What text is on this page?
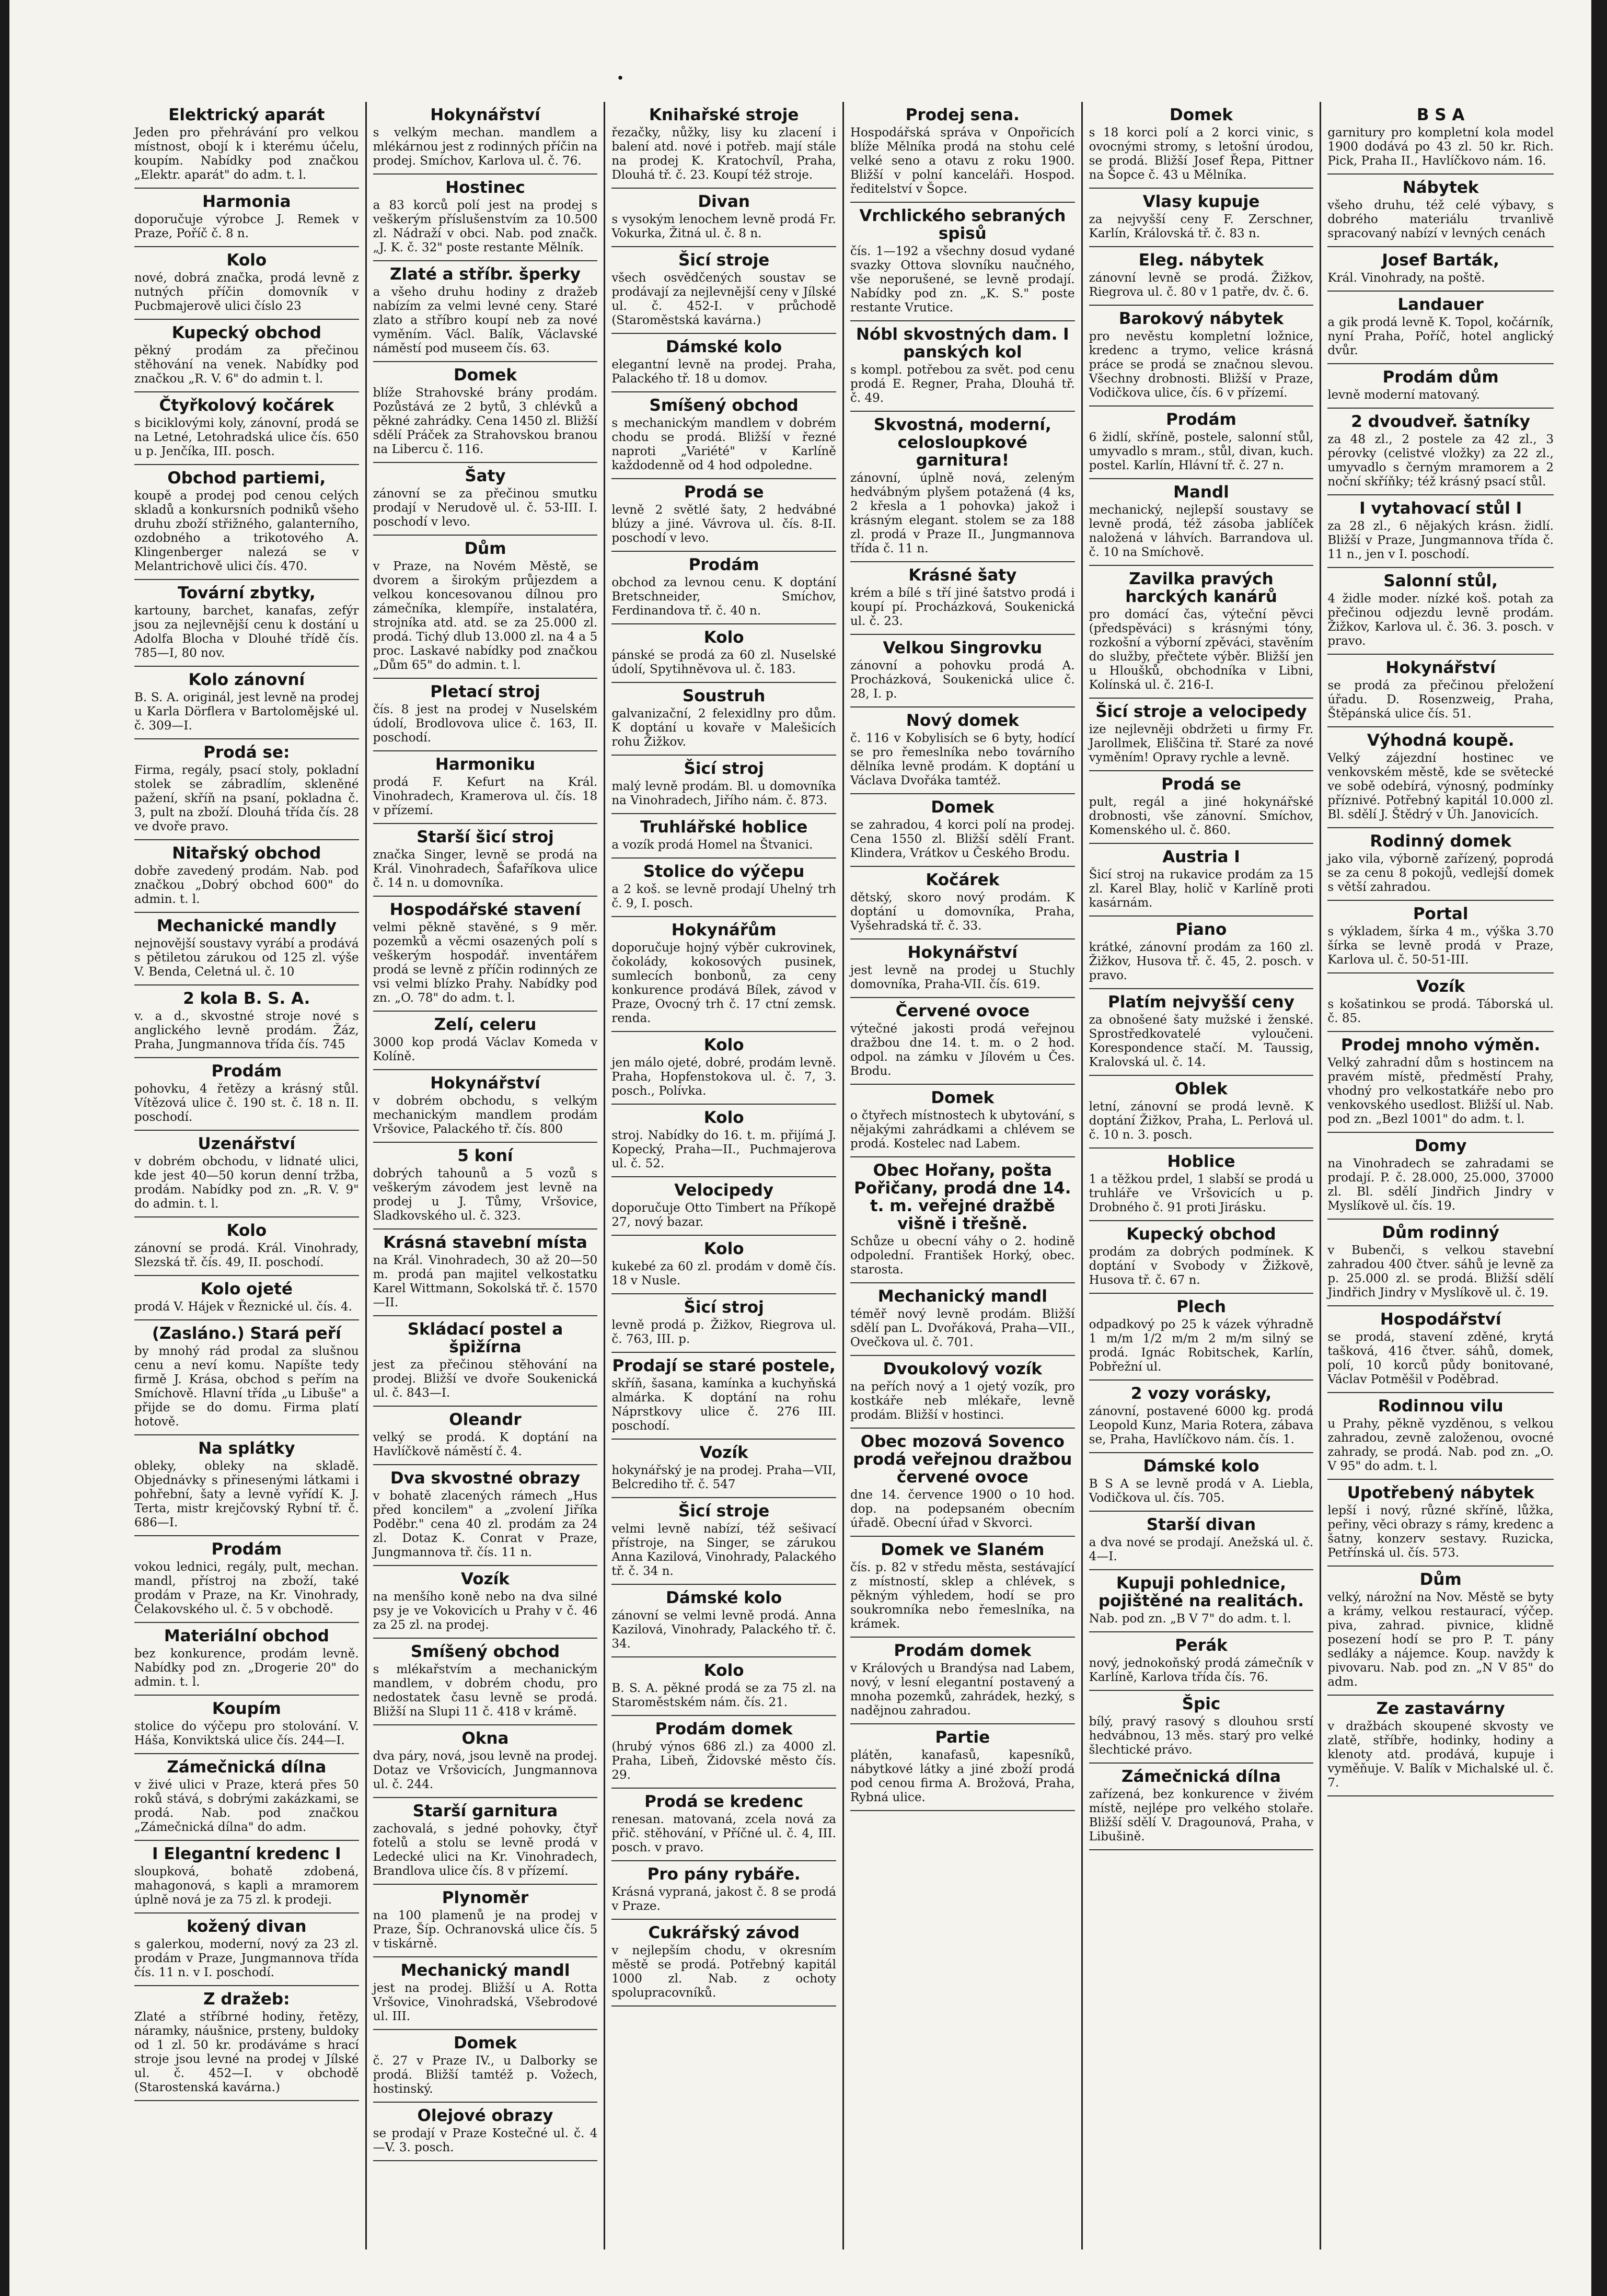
.
Elektrický aparát
Jeden pro přehrávání pro velkou místnost, obojí k i kterému účelu, koupím. Nabídky pod značkou „Elektr. aparát" do adm. t. l.
Harmonia
doporučuje výrobce J. Remek v Praze, Poříč č. 8 n.
Kolo
nové, dobrá značka, prodá levně z nutných příčin domovník v Pucbmajerově ulici číslo 23
Kupecký obchod
pěkný prodám za přečinou stěhování na venek. Nabídky pod značkou „R. V. 6" do admin t. l.
Čtyřkolový kočárek
s biciklovými koly, zánovní, prodá se na Letné, Letohradská ulice čís. 650 u p. Jenčíka, III. posch.
Obchod partiemi,
koupě a prodej pod cenou celých skladů a konkursních podniků všeho druhu zboží střižného, galanterního, ozdobného a trikotového A. Klingenberger nalezá se v Melantrichově ulici čís. 470.
Tovární zbytky,
kartouny, barchet, kanafas, zefýr jsou za nejlevnější cenu k dostání u Adolfa Blocha v Dlouhé třídě čís. 785—I, 80 nov.
Kolo zánovní
B. S. A. originál, jest levně na prodej u Karla Dörflera v Bartolomějské ul. č. 309—I.
Prodá se:
Firma, regály, psací stoly, pokladní stolek se zábradlím, skleněné pažení, skříň na psaní, pokladna č. 3, pult na zboží. Dlouhá třída čís. 28 ve dvoře pravo.
Nitařský obchod
dobře zavedený prodám. Nab. pod značkou „Dobrý obchod 600" do admin. t. l.
Mechanické mandly
nejnovější soustavy vyrábí a prodává s pětiletou zárukou od 125 zl. výše V. Benda, Celetná ul. č. 10
2 kola B. S. A.
v. a d., skvostné stroje nové s anglického levně prodám. Žáz, Praha, Jungmannova třída čís. 745
Prodám
pohovku, 4 řetězy a krásný stůl. Vítězová ulice č. 190 st. č. 18 n. II. poschodí.
Uzenářství
v dobrém obchodu, v lidnaté ulici, kde jest 40—50 korun denní tržba, prodám. Nabídky pod zn. „R. V. 9" do admin. t. l.
Kolo
zánovní se prodá. Král. Vinohrady, Slezská tř. čís. 49, II. poschodí.
Kolo ojeté
prodá V. Hájek v Řeznické ul. čís. 4.
(Zasláno.) Stará peří
by mnohý rád prodal za slušnou cenu a neví komu. Napíšte tedy firmě J. Krása, obchod s peřím na Smíchově. Hlavní třída „u Libuše" a přijde se do domu. Firma platí hotově.
Na splátky
obleky, obleky na skladě. Objednávky s přinesenými látkami i pohřební, šaty a levně vyřídí K. J. Terta, mistr krejčovský Rybní tř. č. 686—I.
Prodám
vokou lednici, regály, pult, mechan. mandl, přístroj na zboží, také prodám v Praze, na Kr. Vinohrady, Čelakovského ul. č. 5 v obchodě.
Materiální obchod
bez konkurence, prodám levně. Nabídky pod zn. „Drogerie 20" do admin. t. l.
Koupím
stolice do výčepu pro stolování. V. Háša, Konviktská ulice čís. 244—I.
Zámečnická dílna
v živé ulici v Praze, která přes 50 roků stává, s dobrými zakázkami, se prodá. Nab. pod značkou „Zámečnická dílna" do adm.
I Elegantní kredenc I
sloupková, bohatě zdobená, mahagonová, s kapli a mramorem úplně nová je za 75 zl. k prodeji.
kožený divan
s galerkou, moderní, nový za 23 zl. prodám v Praze, Jungmannova třída čís. 11 n. v I. poschodí.
Z dražeb:
Zlaté a stříbrné hodiny, řetězy, náramky, náušnice, prsteny, buldoky od 1 zl. 50 kr. prodáváme s hrací stroje jsou levné na prodej v Jílské ul. č. 452—I. v obchodě (Starostenská kavárna.)
Hokynářství
s velkým mechan. mandlem a mlékárnou jest z rodinných příčin na prodej. Smíchov, Karlova ul. č. 76.
Hostinec
a 83 korců polí jest na prodej s veškerým příslušenstvím za 10.500 zl. Nádraží v obci. Nab. pod značk. „J. K. č. 32" poste restante Mělník.
Zlaté a stříbr. šperky
a všeho druhu hodiny z dražeb nabízím za velmi levné ceny. Staré zlato a stříbro koupí neb za nové vyměním. Václ. Balík, Václavské náměstí pod museem čís. 63.
Domek
blíže Strahovské brány prodám. Pozůstává ze 2 bytů, 3 chlévků a pěkné zahrádky. Cena 1450 zl. Bližší sdělí Práček za Strahovskou branou na Libercu č. 116.
Šaty
zánovní se za přečinou smutku prodají v Nerudově ul. č. 53-III. I. poschodí v levo.
Dům
v Praze, na Novém Městě, se dvorem a širokým průjezdem a velkou koncesovanou dílnou pro zámečníka, klempíře, instalatéra, strojníka atd. atd. se za 25.000 zl. prodá. Tichý dlub 13.000 zl. na 4 a 5 proc. Laskavé nabídky pod značkou „Dům 65" do admin. t. l.
Pletací stroj
čís. 8 jest na prodej v Nuselském údolí, Brodlovova ulice č. 163, II. poschodí.
Harmoniku
prodá F. Kefurt na Král. Vinohradech, Kramerova ul. čís. 18 v přízemí.
Starší šicí stroj
značka Singer, levně se prodá na Král. Vinohradech, Šafaříkova ulice č. 14 n. u domovníka.
Hospodářské stavení
velmi pěkně stavěné, s 9 měr. pozemků a věcmi osazených polí s veškerým hospodář. inventářem prodá se levně z příčin rodinných ze vsi velmi blízko Prahy. Nabídky pod zn. „O. 78" do adm. t. l.
Zelí, celeru
3000 kop prodá Václav Komeda v Kolíně.
Hokynářství
v dobrém obchodu, s velkým mechanickým mandlem prodám Vršovice, Palackého tř. čís. 800
5 koní
dobrých tahounů a 5 vozů s veškerým závodem jest levně na prodej u J. Tůmy, Vršovice, Sladkovského ul. č. 323.
Krásná stavební místa
na Král. Vinohradech, 30 až 20—50 m. prodá pan majitel velkostatku Karel Wittmann, Sokolská tř. č. 1570—II.
Skládací postel a špižírna
jest za přečinou stěhování na prodej. Bližší ve dvoře Soukenická ul. č. 843—I.
Oleandr
velký se prodá. K doptání na Havlíčkově náměstí č. 4.
Dva skvostné obrazy
v bohatě zlacených rámech „Hus před koncilem" a „zvolení Jiříka Poděbr." cena 40 zl. prodám za 24 zl. Dotaz K. Conrat v Praze, Jungmannova tř. čís. 11 n.
Vozík
na menšího koně nebo na dva silné psy je ve Vokovicích u Prahy v č. 46 za 25 zl. na prodej.
Smíšený obchod
s mlékařstvím a mechanickým mandlem, v dobrém chodu, pro nedostatek času levně se prodá. Bližší na Slupi 11 č. 418 v krámě.
Okna
dva páry, nová, jsou levně na prodej. Dotaz ve Vršovicích, Jungmannova ul. č. 244.
Starší garnitura
zachovalá, s jedné pohovky, čtyř fotelů a stolu se levně prodá v Ledecké ulici na Kr. Vinohradech, Brandlova ulice čís. 8 v přízemí.
Plynoměr
na 100 plamenů je na prodej v Praze, Šíp. Ochranovská ulice čís. 5 v tiskárně.
Mechanický mandl
jest na prodej. Bližší u A. Rotta Vršovice, Vinohradská, Všebrodové ul. III.
Domek
č. 27 v Praze IV., u Dalborky se prodá. Bližší tamtéž p. Vožech, hostinský.
Olejové obrazy
se prodají v Praze Kostečné ul. č. 4—V. 3. posch.
Knihařské stroje
řezačky, nůžky, lisy ku zlacení i balení atd. nové i potřeb. mají stále na prodej K. Kratochvíl, Praha, Dlouhá tř. č. 23. Koupí též stroje.
Divan
s vysokým lenochem levně prodá Fr. Vokurka, Žitná ul. č. 8 n.
Šicí stroje
všech osvědčených soustav se prodávají za nejlevnější ceny v Jílské ul. č. 452-I. v průchodě (Staroměstská kavárna.)
Dámské kolo
elegantní levně na prodej. Praha, Palackého tř. 18 u domov.
Smíšený obchod
s mechanickým mandlem v dobrém chodu se prodá. Bližší v řezné naproti „Variété" v Karlíně každodenně od 4 hod odpoledne.
Prodá se
levně 2 světlé šaty, 2 hedvábné blúzy a jiné. Vávrova ul. čís. 8-II. poschodí v levo.
Prodám
obchod za levnou cenu. K doptání Bretschneider, Smíchov, Ferdinandova tř. č. 40 n.
Kolo
pánské se prodá za 60 zl. Nuselské údolí, Spytihněvova ul. č. 183.
Soustruh
galvanizační, 2 felexidlny pro dům. K doptání u kovaře v Malešicích rohu Žižkov.
Šicí stroj
malý levně prodám. Bl. u domovníka na Vinohradech, Jiřího nám. č. 873.
Truhlářské hoblice
a vozík prodá Homel na Štvanici.
Stolice do výčepu
a 2 koš. se levně prodají Uhelný trh č. 9, I. posch.
Hokynářům
doporučuje hojný výběr cukrovinek, čokolády, kokosových pusinek, sumlecích bonbonů, za ceny konkurence prodává Bílek, závod v Praze, Ovocný trh č. 17 ctní zemsk. renda.
Kolo
jen málo ojeté, dobré, prodám levně. Praha, Hopfenstokova ul. č. 7, 3. posch., Polívka.
Kolo
stroj. Nabídky do 16. t. m. přijímá J. Kopecký, Praha—II., Puchmajerova ul. č. 52.
Velocipedy
doporučuje Otto Timbert na Příkopě 27, nový bazar.
Kolo
kukebé za 60 zl. prodám v domě čís. 18 v Nusle.
Šicí stroj
levně prodá p. Žižkov, Riegrova ul. č. 763, III. p.
Prodají se staré postele,
skříň, šasana, kamínka a kuchyňská almárka. K doptání na rohu Náprstkovy ulice č. 276 III. poschodí.
Vozík
hokynářský je na prodej. Praha—VII, Belcrediho tř. č. 547
Šicí stroje
velmi levně nabízí, též sešivací přístroje, na Singer, se zárukou Anna Kazilová, Vinohrady, Palackého tř. č. 34 n.
Dámské kolo
zánovní se velmi levně prodá. Anna Kazilová, Vinohrady, Palackého tř. č. 34.
Kolo
B. S. A. pěkné prodá se za 75 zl. na Staroměstském nám. čís. 21.
Prodám domek
(hrubý výnos 686 zl.) za 4000 zl. Praha, Libeň, Židovské město čís. 29.
Prodá se kredenc
renesan. matovaná, zcela nová za přič. stěhování, v Příčné ul. č. 4, III. posch. v pravo.
Pro pány rybáře.
Krásná vypraná, jakost č. 8 se prodá v Praze.
Cukrářský závod
v nejlepším chodu, v okresním městě se prodá. Potřebný kapitál 1000 zl. Nab. z ochoty spolupracovníků.
Prodej sena.
Hospodářská správa v Onpořicích blíže Mělníka prodá na stohu celé velké seno a otavu z roku 1900. Bližší v polní kanceláři. Hospod. ředitelství v Šopce.
Vrchlického sebraných spisů
čís. 1—192 a všechny dosud vydané svazky Ottova slovníku naučného, vše neporušené, se levně prodají. Nabídky pod zn. „K. S." poste restante Vrutice.
Nóbl skvostných dam. I panských kol
s kompl. potřebou za svět. pod cenu prodá E. Regner, Praha, Dlouhá tř. č. 49.
Skvostná, moderní, celosloupkové garnitura!
zánovní, úplně nová, zeleným hedvábným plyšem potažená (4 ks, 2 křesla a 1 pohovka) jakož i krásným elegant. stolem se za 188 zl. prodá v Praze II., Jungmannova třída č. 11 n.
Krásné šaty
krém a bílé s tří jiné šatstvo prodá i koupí pí. Procházková, Soukenická ul. č. 23.
Velkou Singrovku
zánovní a pohovku prodá A. Procházková, Soukenická ulice č. 28, I. p.
Nový domek
č. 116 v Kobylisích se 6 byty, hodící se pro řemeslníka nebo továrního dělníka levně prodám. K doptání u Václava Dvořáka tamtéž.
Domek
se zahradou, 4 korci polí na prodej. Cena 1550 zl. Bližší sdělí Frant. Klindera, Vrátkov u Českého Brodu.
Kočárek
dětský, skoro nový prodám. K doptání u domovníka, Praha, Vyšehradská tř. č. 33.
Hokynářství
jest levně na prodej u Stuchly domovníka, Praha-VII. čís. 619.
Červené ovoce
výtečné jakosti prodá veřejnou dražbou dne 14. t. m. o 2 hod. odpol. na zámku v Jílovém u Čes. Brodu.
Domek
o čtyřech místnostech k ubytování, s nějakými zahrádkami a chlévem se prodá. Kostelec nad Labem.
Obec Hořany, pošta Pořičany, prodá dne 14. t. m. veřejné dražbě višně i třešně.
Schůze u obecní váhy o 2. hodině odpolední. František Horký, obec. starosta.
Mechanický mandl
téměř nový levně prodám. Bližší sdělí pan L. Dvořáková, Praha—VII., Ovečkova ul. č. 701.
Dvoukolový vozík
na peřích nový a 1 ojetý vozík, pro kostkáře neb mlékaře, levně prodám. Bližší v hostinci.
Obec mozová Sovenco prodá veřejnou dražbou červené ovoce
dne 14. července 1900 o 10 hod. dop. na podepsaném obecním úřadě. Obecní úřad v Skvorci.
Domek ve Slaném
čís. p. 82 v středu města, sestávající z místností, sklep a chlévek, s pěkným výhledem, hodí se pro soukromníka nebo řemeslníka, na krámek.
Prodám domek
v Králových u Brandýsa nad Labem, nový, v lesní elegantní postavený a mnoha pozemků, zahrádek, hezký, s nadějnou zahradou.
Partie
plátěn, kanafasů, kapesníků, nábytkové látky a jiné zboží prodá pod cenou firma A. Brožová, Praha, Rybná ulice.
Domek
s 18 korci polí a 2 korci vinic, s ovocnými stromy, s letošní úrodou, se prodá. Bližší Josef Řepa, Pittner na Šopce č. 43 u Mělníka.
Vlasy kupuje
za nejvyšší ceny F. Zerschner, Karlín, Královská tř. č. 83 n.
Eleg. nábytek
zánovní levně se prodá. Žižkov, Riegrova ul. č. 80 v 1 patře, dv. č. 6.
Barokový nábytek
pro nevěstu kompletní ložnice, kredenc a trymo, velice krásná práce se prodá se značnou slevou. Všechny drobnosti. Bližší v Praze, Vodičkova ulice, čís. 6 v přízemí.
Prodám
6 židlí, skříně, postele, salonní stůl, umyvadlo s mram., stůl, divan, kuch. postel. Karlín, Hlávní tř. č. 27 n.
Mandl
mechanický, nejlepší soustavy se levně prodá, též zásoba jablíček naložená v láhvích. Barrandova ul. č. 10 na Smíchově.
Zavilka pravých harckých kanárů
pro domácí čas, výteční pěvci (předspěváci) s krásnými tóny, rozkošní a výborní zpěváci, stavěním do služby, přečtete výběr. Bližší jen u Hloušků, obchodníka v Libni, Kolínská ul. č. 216-I.
Šicí stroje a velocipedy
ize nejlevněji obdržeti u firmy Fr. Jarollmek, Eliščina tř. Staré za nové vyměním! Opravy rychle a levně.
Prodá se
pult, regál a jiné hokynářské drobnosti, vše zánovní. Smíchov, Komenského ul. č. 860.
Austria I
Šicí stroj na rukavice prodám za 15 zl. Karel Blay, holič v Karlíně proti kasárnám.
Piano
krátké, zánovní prodám za 160 zl. Žižkov, Husova tř. č. 45, 2. posch. v pravo.
Platím nejvyšší ceny
za obnošené šaty mužské i ženské. Sprostředkovatelé vyloučeni. Korespondence stačí. M. Taussig, Kralovská ul. č. 14.
Oblek
letní, zánovní se prodá levně. K doptání Žižkov, Praha, L. Perlová ul. č. 10 n. 3. posch.
Hoblice
1 a těžkou prdel, 1 slabší se prodá u truhláře ve Vršovicích u p. Drobného č. 91 proti Jirásku.
Kupecký obchod
prodám za dobrých podmínek. K doptání v Svobody v Žižkově, Husova tř. č. 67 n.
Plech
odpadkový po 25 k vázek výhradně 1 m/m 1/2 m/m 2 m/m silný se prodá. Ignác Robitschek, Karlín, Pobřežní ul.
2 vozy vorásky,
zánovní, postavené 6000 kg. prodá Leopold Kunz, Maria Rotera, zábava se, Praha, Havlíčkovo nám. čís. 1.
Dámské kolo
B S A se levně prodá v A. Liebla, Vodičkova ul. čís. 705.
Starší divan
a dva nové se prodají. Anežská ul. č. 4—I.
Kupuji pohlednice, pojištěné na realitách.
Nab. pod zn. „B V 7" do adm. t. l.
Perák
nový, jednokoňský prodá zámečník v Karlíně, Karlova třída čís. 76.
Špic
bílý, pravý rasový s dlouhou srstí hedvábnou, 13 měs. starý pro velké šlechtické právo.
Zámečnická dílna
zařízená, bez konkurence v živém místě, nejlépe pro velkého stolaře. Bližší sdělí V. Dragounová, Praha, v Libušině.
B S A
garnitury pro kompletní kola model 1900 dodává po 43 zl. 50 kr. Rich. Pick, Praha II., Havlíčkovo nám. 16.
Nábytek
všeho druhu, též celé výbavy, s dobrého materiálu trvanlivě spracovaný nabízí v levných cenách
Josef Barták,
Král. Vinohrady, na poště.
Landauer
a gik prodá levně K. Topol, kočárník, nyní Praha, Poříč, hotel anglický dvůr.
Prodám dům
levně moderní matovaný.
2 dvoudveř. šatníky
za 48 zl., 2 postele za 42 zl., 3 pérovky (celistvé vložky) za 22 zl., umyvadlo s černým mramorem a 2 noční skříňky; též krásný psací stůl.
I vytahovací stůl I
za 28 zl., 6 nějakých krásn. židlí. Bližší v Praze, Jungmannova třída č. 11 n., jen v I. poschodí.
Salonní stůl,
4 židle moder. nízké koš. potah za přečinou odjezdu levně prodám. Žižkov, Karlova ul. č. 36. 3. posch. v pravo.
Hokynářství
se prodá za přečinou přeložení úřadu. D. Rosenzweig, Praha, Štěpánská ulice čís. 51.
Výhodná koupě.
Velký zájezdní hostinec ve venkovském městě, kde se světecké ve sobě odebírá, výnosný, podmínky příznivé. Potřebný kapitál 10.000 zl. Bl. sdělí J. Štědrý v Úh. Janovicích.
Rodinný domek
jako vila, výborně zařízený, poprodá se za cenu 8 pokojů, vedlejší domek s větší zahradou.
Portal
s výkladem, šírka 4 m., výška 3.70 šírka se levně prodá v Praze, Karlova ul. č. 50-51-III.
Vozík
s košatinkou se prodá. Táborská ul. č. 85.
Prodej mnoho výměn.
Velký zahradní dům s hostincem na pravém místě, předměstí Prahy, vhodný pro velkostatkáře nebo pro venkovského usedlost. Bližší ul. Nab. pod zn. „Bezl 1001" do adm. t. l.
Domy
na Vinohradech se zahradami se prodají. P. č. 28.000, 25.000, 37000 zl. Bl. sdělí Jindřich Jindry v Myslíkově ul. čís. 19.
Dům rodinný
v Bubenči, s velkou stavební zahradou 400 čtver. sáhů je levně za p. 25.000 zl. se prodá. Bližší sdělí Jindřich Jindry v Myslíkově ul. č. 19.
Hospodářství
se prodá, stavení zděné, krytá tašková, 416 čtver. sáhů, domek, polí, 10 korců půdy bonitované, Václav Potměšil v Poděbrad.
Rodinnou vilu
u Prahy, pěkně vyzděnou, s velkou zahradou, zevně založenou, ovocné zahrady, se prodá. Nab. pod zn. „O. V 95" do adm. t. l.
Upotřebený nábytek
lepší i nový, různé skříně, lůžka, peřiny, věci obrazy s rámy, kredenc a šatny, konzerv sestavy. Ruzicka, Petřínská ul. čís. 573.
Dům
velký, nárožní na Nov. Městě se byty a krámy, velkou restaurací, výčep. piva, zahrad. pivnice, klidně posezení hodí se pro P. T. pány sedláky a nájemce. Koup. navždy k pivovaru. Nab. pod zn. „N V 85" do adm.
Ze zastavárny
v dražbách skoupené skvosty ve zlatě, stříbře, hodinky, hodiny a klenoty atd. prodává, kupuje i vyměňuje. V. Balík v Michalské ul. č. 7.
